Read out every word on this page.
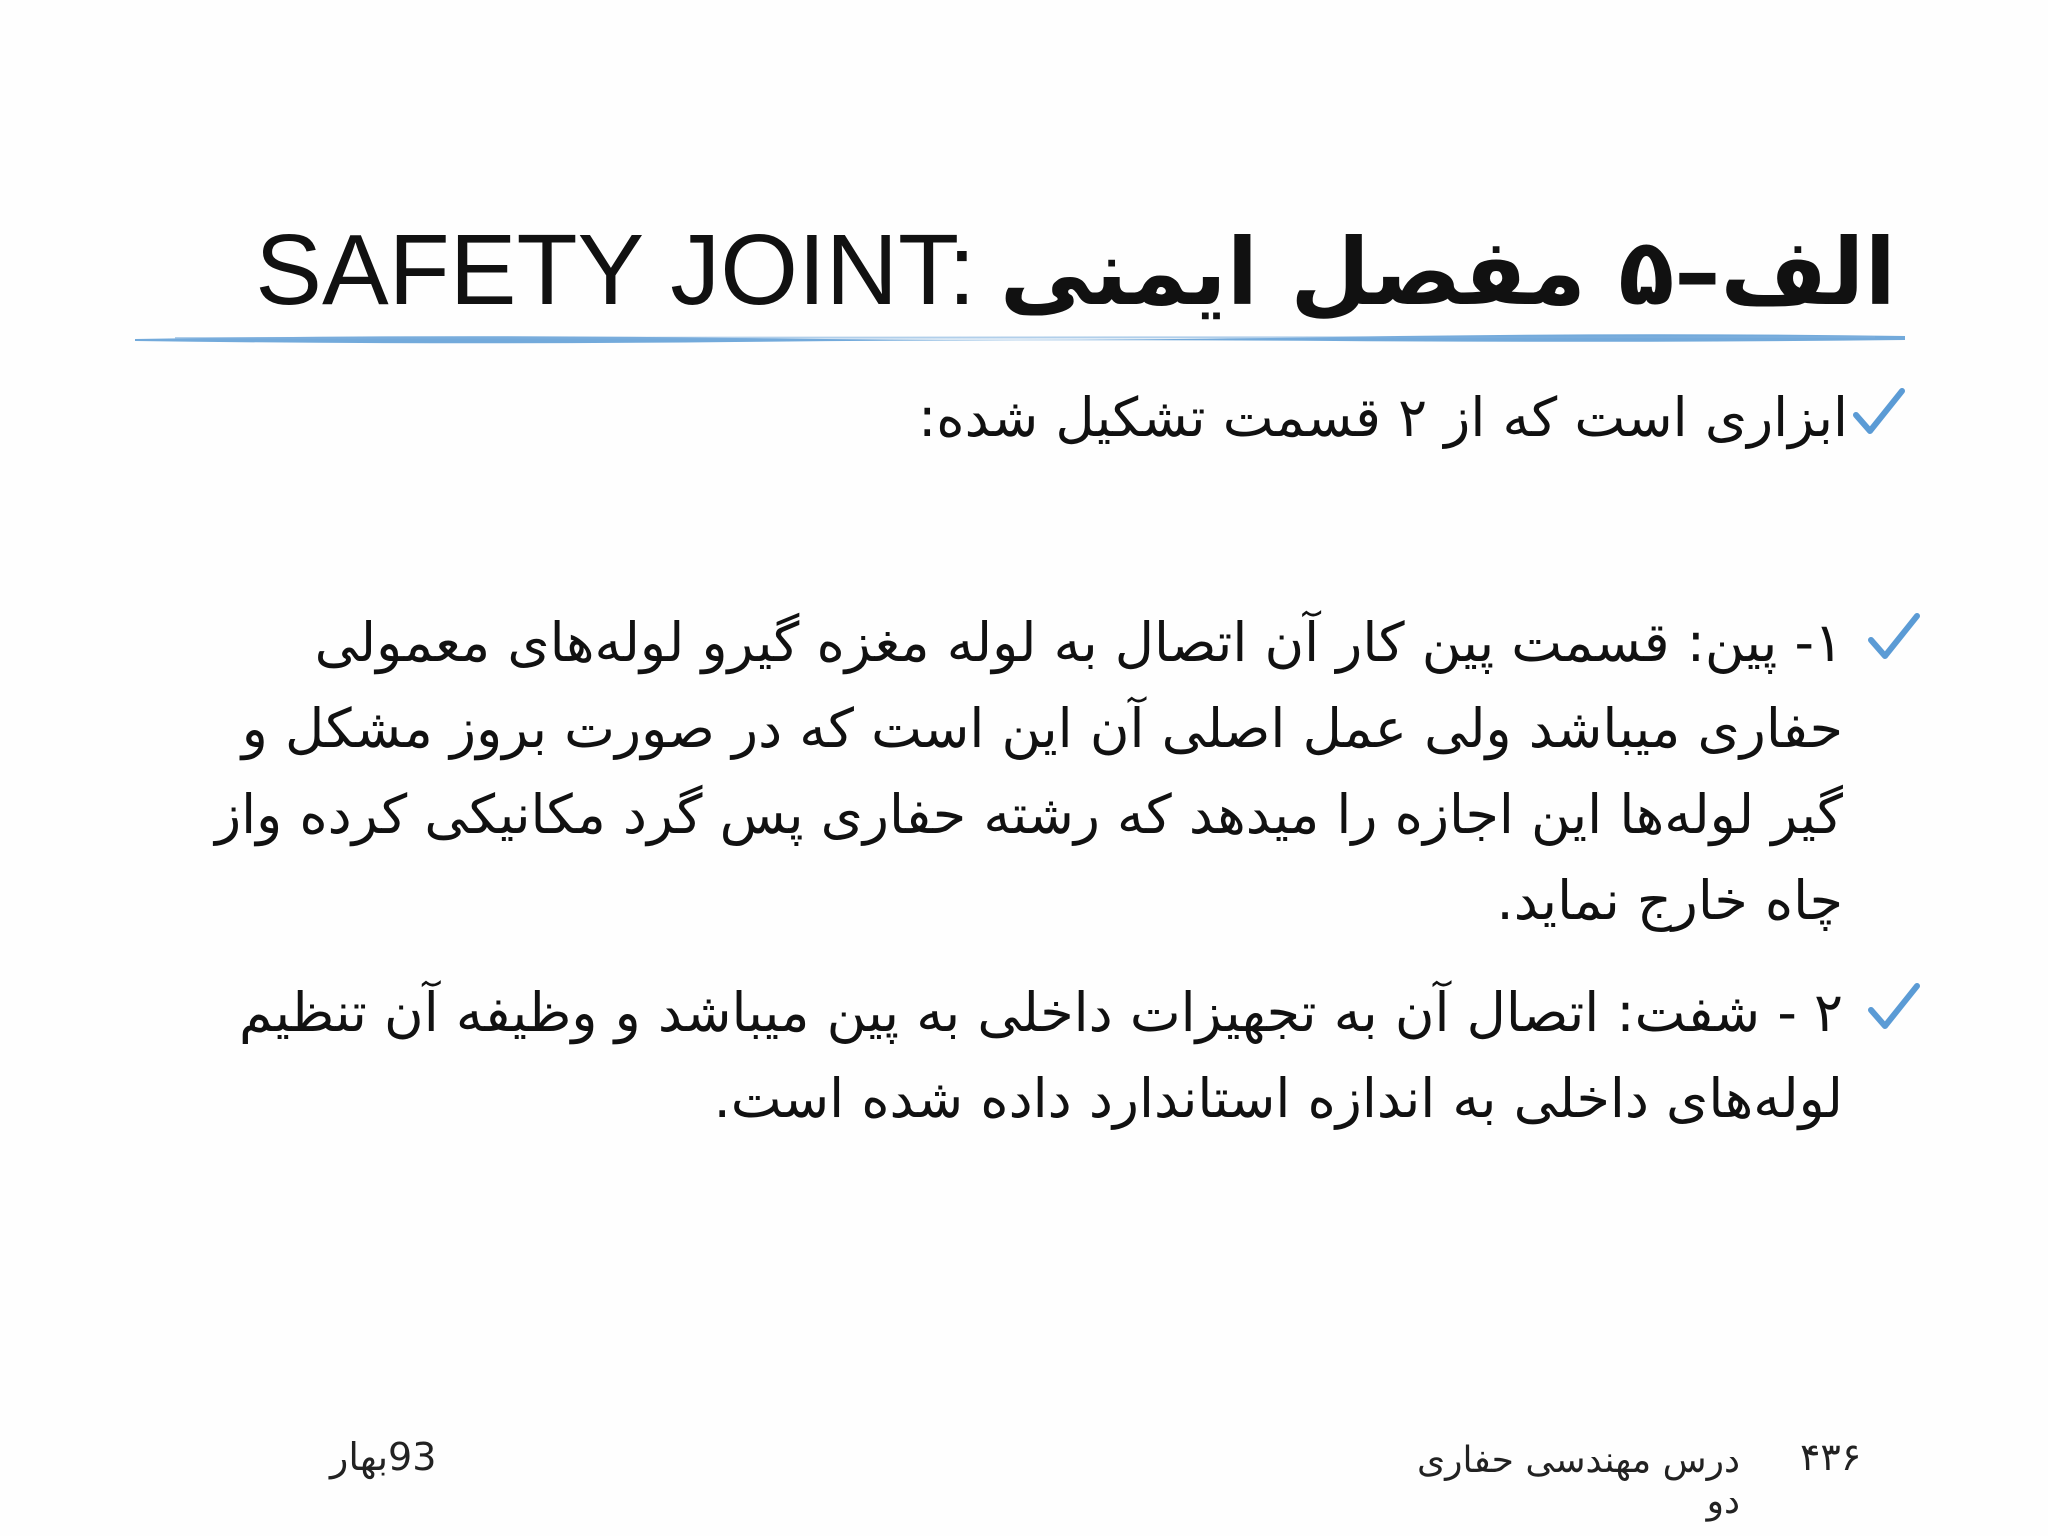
الف–۵ مفصل ایمنیSAFETY JOINT:
ابزاری است که از ۲ قسمت تشکیل شده:
۱- پین: قسمت پین کار آن اتصال به لوله مغزه گیرو لوله‌های معمولی حفاری میباشد ولی عمل اصلی آن این است که در صورت بروز مشکل و گیر لوله‌ها این اجازه را میدهد که رشته حفاری پس گرد مکانیکی کرده واز چاه خارج نماید.
۲ - شفت: اتصال آن به تجهیزات داخلی به پین میباشد و وظیفه آن تنظیم لوله‌های داخلی به اندازه استاندارد داده شده است.
۴۳۶
درس مهندسی حفاری دو
93بهار
